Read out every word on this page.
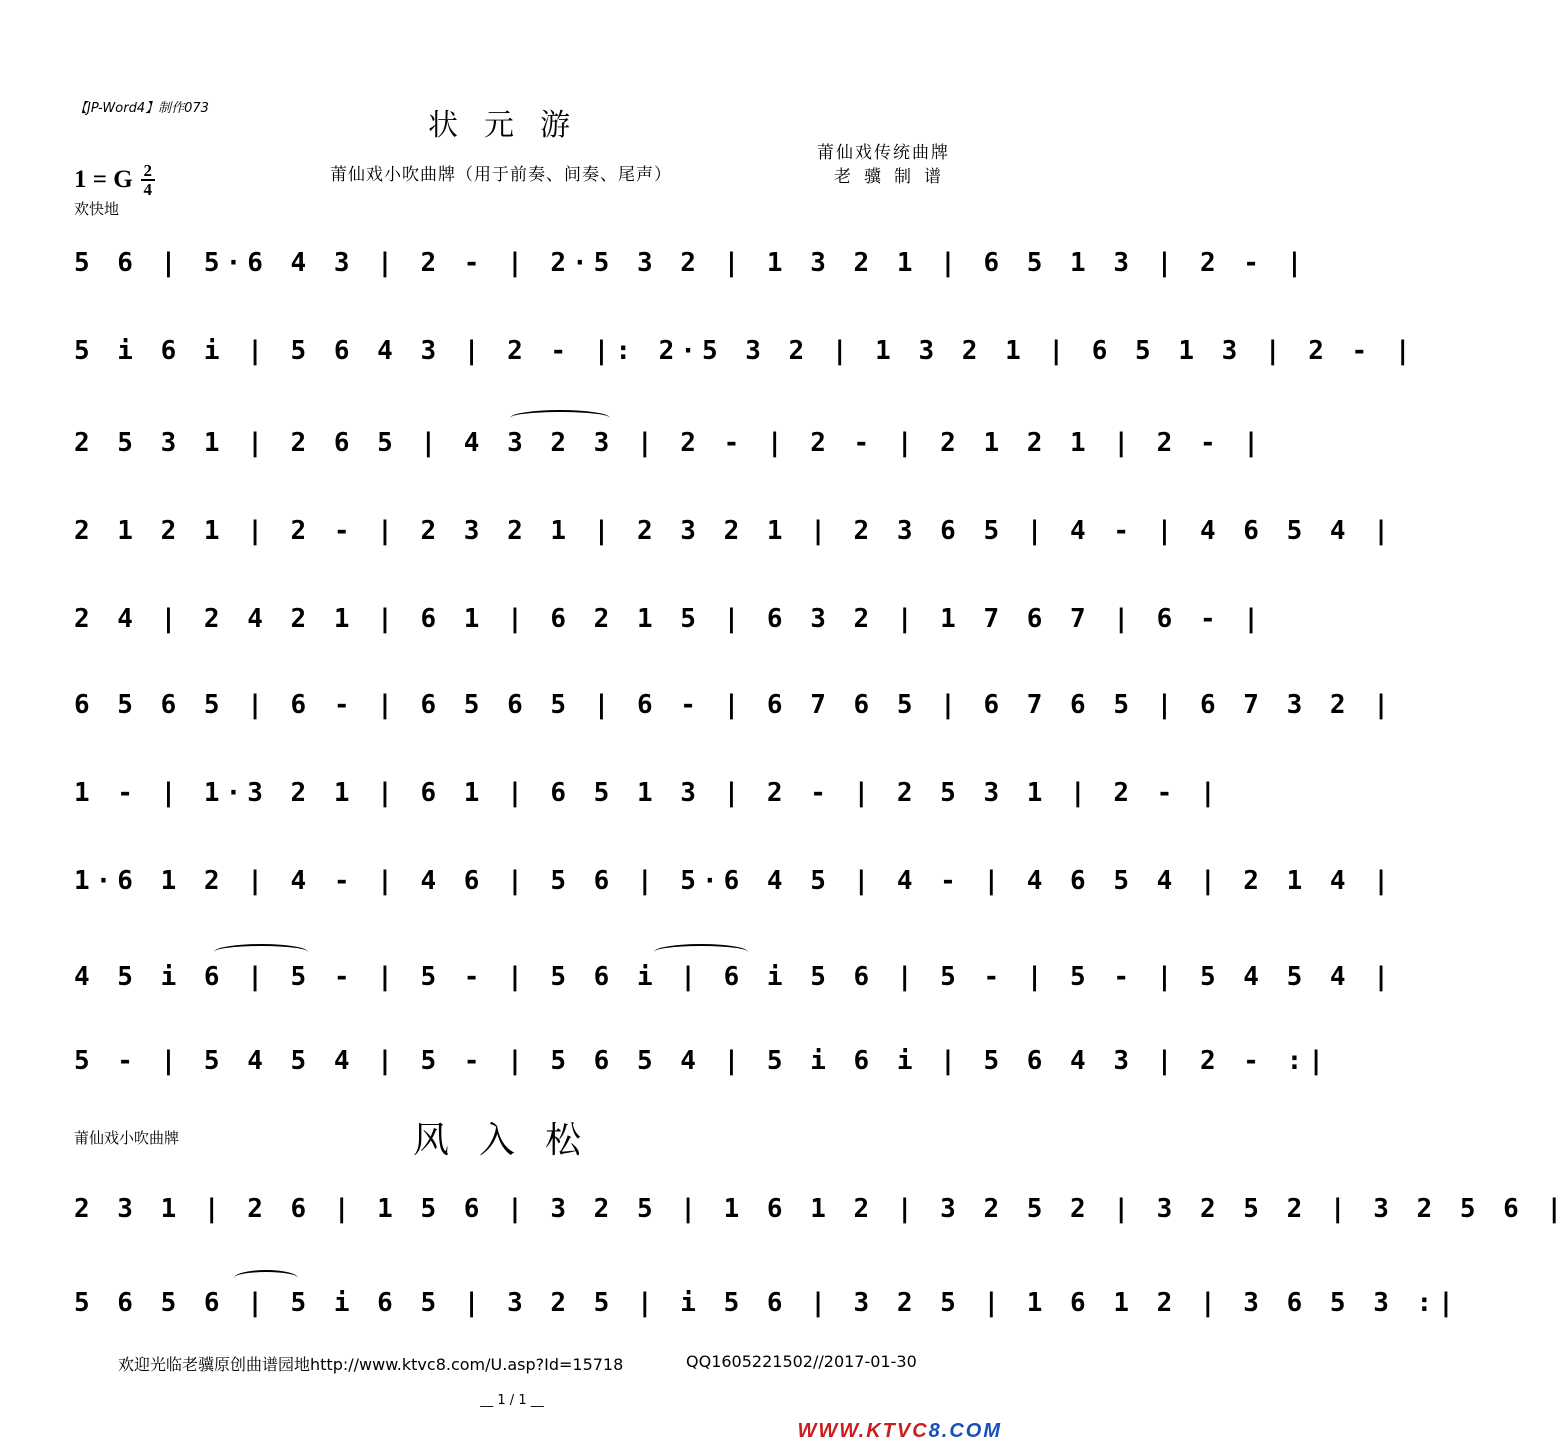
【JP-Word4】制作073	状元游
莆仙戏小吹曲牌（用于前奏、间奏、尾声）
莆仙戏传统曲牌
老骥制谱
1 = G $\frac{2}{4}$
欢快地
5 6 | 5·6 4 3 | 2 - | 2·5 3 2 | 1 3 2 1 | 6 5 1 3 | 2 - |
5 i 6 i | 5 6 4 3 | 2 - |: 2·5 3 2 | 1 3 2 1 | 6 5 1 3 | 2 - |
2 5 3 1 | 2 6 5 | 4 3 2 3 | 2 - | 2 - | 2 1 2 1 | 2 - |
2 1 2 1 | 2 - | 2 3 2 1 | 2 3 2 1 | 2 3 6 5 | 4 - | 4 6 5 4 |
2 4 | 2 4 2 1 | 6 1 | 6 2 1 5 | 6 3 2 | 1 7 6 7 | 6 - |
6 5 6 5 | 6 - | 6 5 6 5 | 6 - | 6 7 6 5 | 6 7 6 5 | 6 7 3 2 |
1 - | 1·3 2 1 | 6 1 | 6 5 1 3 | 2 - | 2 5 3 1 | 2 - |
1·6 1 2 | 4 - | 4 6 | 5 6 | 5·6 4 5 | 4 - | 4 6 5 4 | 2 1 4 |
4 5 i 6 | 5 - | 5 - | 5 6 i | 6 i 5 6 | 5 - | 5 - | 5 4 5 4 |
5 - | 5 4 5 4 | 5 - | 5 6 5 4 | 5 i 6 i | 5 6 4 3 | 2 - :|
莆仙戏小吹曲牌	风入松
2 3 1 | 2 6 | 1 5 6 | 3 2 5 | 1 6 1 2 | 3 2 5 2 | 3 2 5 2 | 3 2 5 6 |
5 6 5 6 | 5 i 6 5 | 3 2 5 | i 5 6 | 3 2 5 | 1 6 1 2 | 3 6 5 3 :|
欢迎光临老骥原创曲谱园地http://www.ktvc8.com/U.asp?Id=15718	QQ1605221502//2017-01-30
__ 1 / 1 __
WWW.KTVC8.COM
